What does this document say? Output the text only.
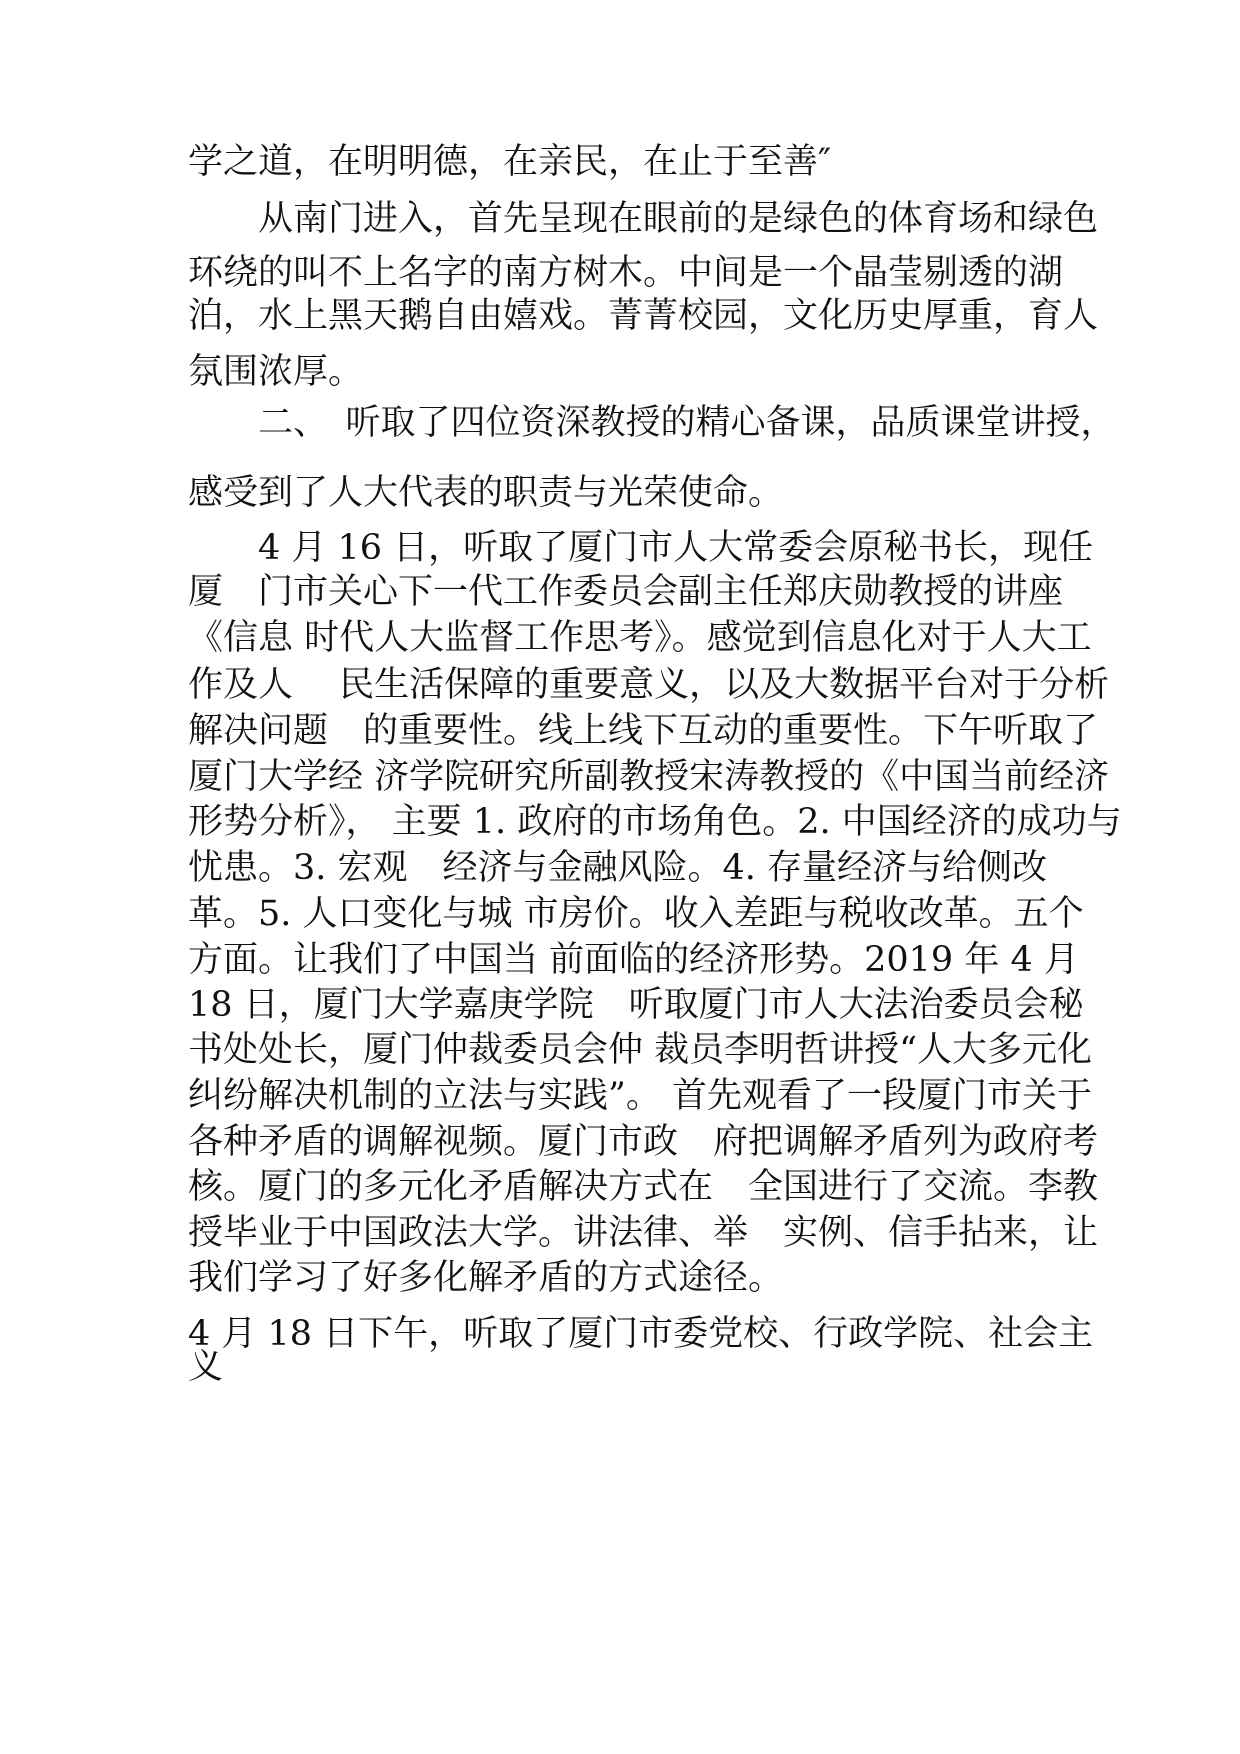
学之道，在明明德，在亲民，在止于至善″
　　从南门进入，首先呈现在眼前的是绿色的体育场和绿色
环绕的叫不上名字的南方树木。中间是一个晶莹剔透的湖
泊，水上黑天鹅自由嬉戏。菁菁校园，文化历史厚重，育人
氛围浓厚。
　　二、　听取了四位资深教授的精心备课，品质课堂讲授，
感受到了人大代表的职责与光荣使命。
　　4 月 16 日，听取了厦门市人大常委会原秘书长，现任
厦　门市关心下一代工作委员会副主任郑庆勋教授的讲座
《信息 时代人大监督工作思考》。感觉到信息化对于人大工
作及人　 民生活保障的重要意义，以及大数据平台对于分析
解决问题　的重要性。线上线下互动的重要性。下午听取了
厦门大学经 济学院研究所副教授宋涛教授的《中国当前经济
形势分析》， 主要 1. 政府的市场角色。2. 中国经济的成功与
忧患。3. 宏观　经济与金融风险。4. 存量经济与给侧改
革。5. 人口变化与城 市房价。收入差距与税收改革。五个
方面。让我们了中国当 前面临的经济形势。2019 年 4 月
18 日，厦门大学嘉庚学院　听取厦门市人大法治委员会秘
书处处长，厦门仲裁委员会仲 裁员李明哲讲授“人大多元化
纠纷解决机制的立法与实践”。 首先观看了一段厦门市关于
各种矛盾的调解视频。厦门市政　府把调解矛盾列为政府考
核。厦门的多元化矛盾解决方式在　全国进行了交流。李教
授毕业于中国政法大学。讲法律、举　实例、信手拈来，让
我们学习了好多化解矛盾的方式途径。
4 月 18 日下午，听取了厦门市委党校、行政学院、社会主
义
